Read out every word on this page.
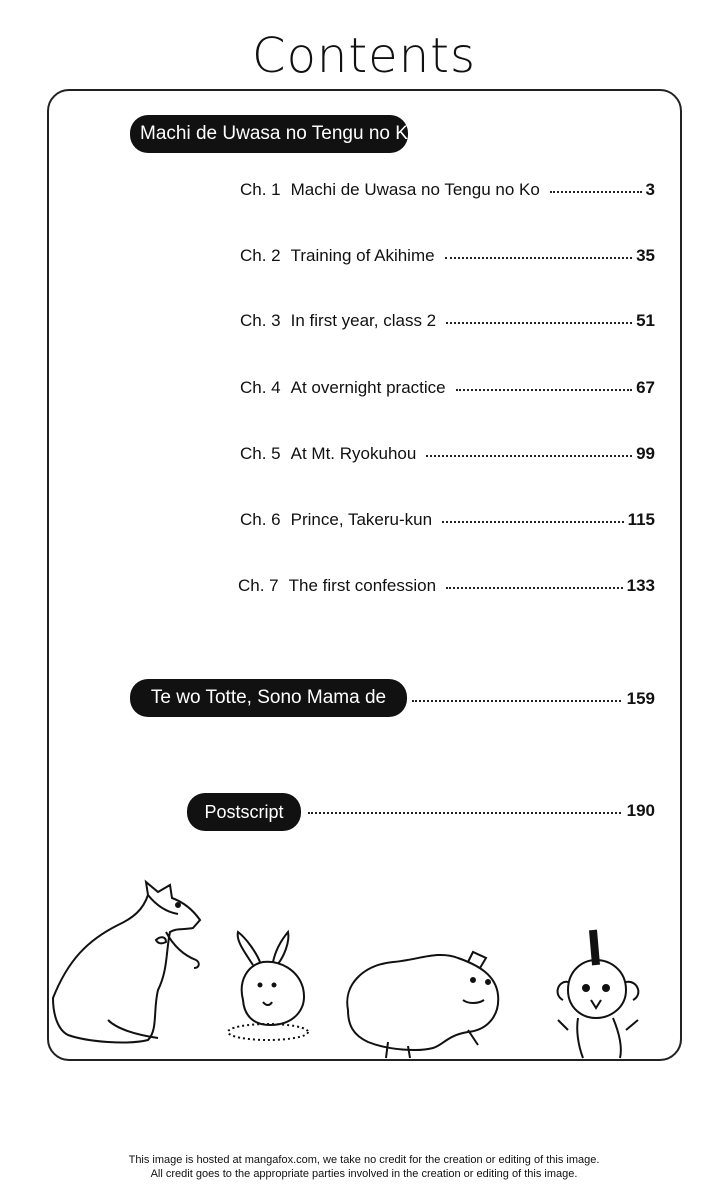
Contents
Machi de Uwasa no Tengu no Ko
Ch. 1 Machi de Uwasa no Tengu no Ko	3
Ch. 2 Training of Akihime	35
Ch. 3 In first year, class 2	51
Ch. 4 At overnight practice	67
Ch. 5 At Mt. Ryokuhou	99
Ch. 6 Prince, Takeru-kun	115
Ch. 7 The first confession	133
Te wo Totte, Sono Mama de	159
Postscript	190
This image is hosted at mangafox.com, we take no credit for the creation or editing of this image.
All credit goes to the appropriate parties involved in the creation or editing of this image.
